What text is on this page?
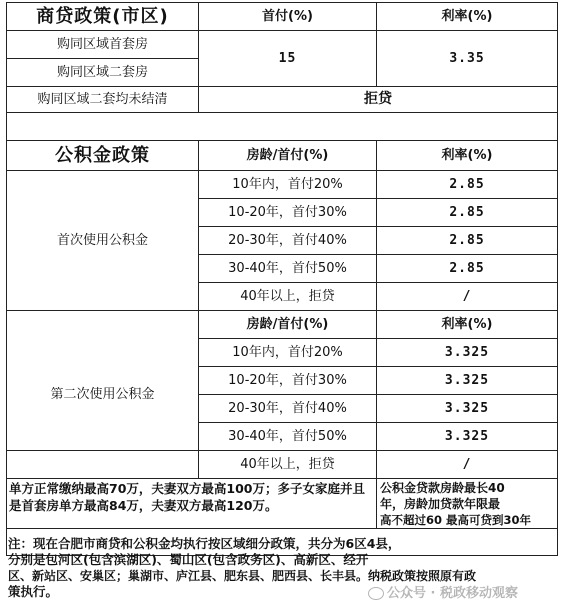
商贷政策(市区)	首付(%)	利率(%)
购同区域首套房
购同区域二套房
15	3.35
购同区域二套均未结清	拒贷
公积金政策	房龄/首付(%)	利率(%)
首次使用公积金
10年内，首付20%	2.85
10-20年，首付30%	2.85
20-30年，首付40%	2.85
30-40年，首付50%	2.85
40年以上，拒贷	/
第二次使用公积金
房龄/首付(%)	利率(%)
10年内，首付20%	3.325
10-20年，首付30%	3.325
20-30年，首付40%	3.325
30-40年，首付50%	3.325
40年以上，拒贷	/
单方正常缴纳最高70万，夫妻双方最高100万；多子女家庭并且是首套房单方最高84万，夫妻双方最高120万。
公积金贷款房龄最长40
年，房龄加贷款年限最
高不超过60 最高可贷到30年
注：现在合肥市商贷和公积金均执行按区域细分政策，共分为6区4县，
分别是包河区(包含滨湖区)、蜀山区(包含政务区)、高新区、经开
区、新站区、安巢区；巢湖市、庐江县、肥东县、肥西县、长丰县。纳税政策按照原有政
策执行。	公众号 · 税政移动观察
